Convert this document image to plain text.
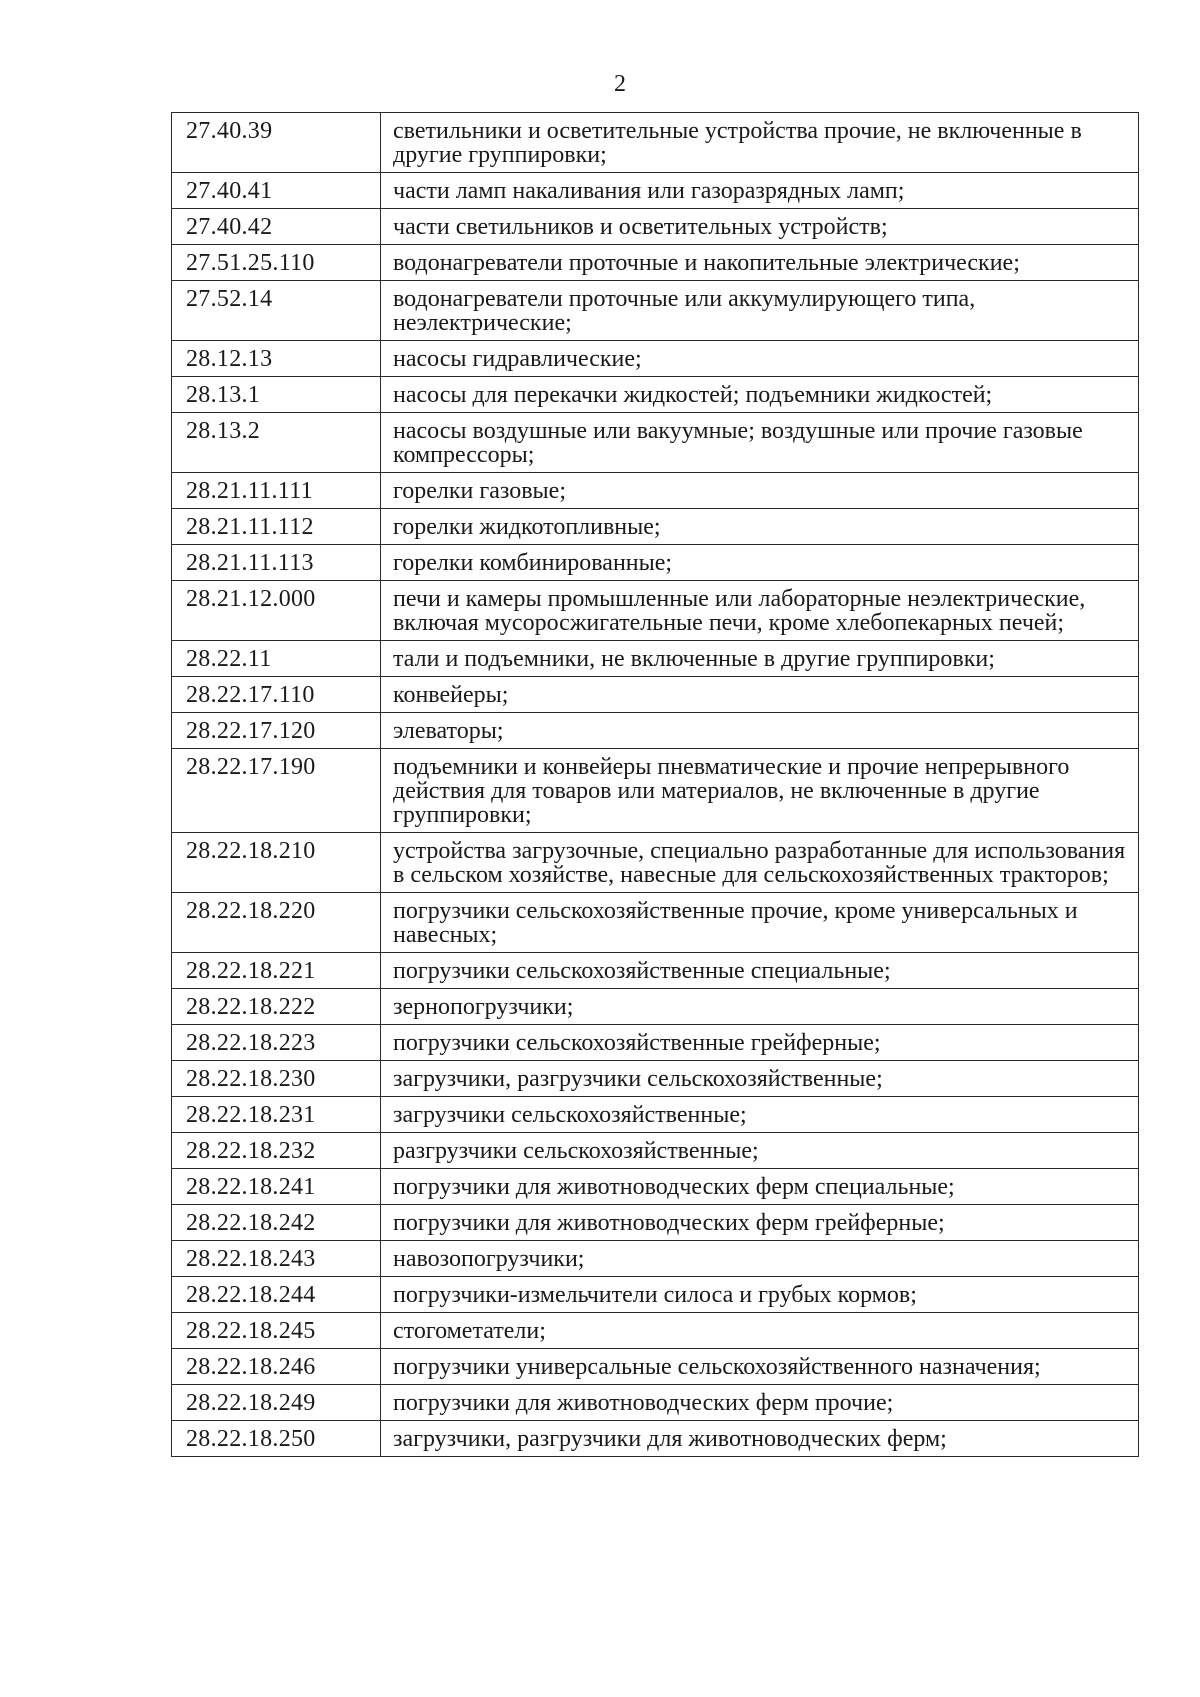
2
27.40.39	светильники и осветительные устройства прочие, не включенные в другие группировки;
27.40.41	части ламп накаливания или газоразрядных ламп;
27.40.42	части светильников и осветительных устройств;
27.51.25.110	водонагреватели проточные и накопительные электрические;
27.52.14	водонагреватели проточные или аккумулирующего типа, неэлектрические;
28.12.13	насосы гидравлические;
28.13.1	насосы для перекачки жидкостей; подъемники жидкостей;
28.13.2	насосы воздушные или вакуумные; воздушные или прочие газовые компрессоры;
28.21.11.111	горелки газовые;
28.21.11.112	горелки жидкотопливные;
28.21.11.113	горелки комбинированные;
28.21.12.000	печи и камеры промышленные или лабораторные неэлектрические, включая мусоросжигательные печи, кроме хлебопекарных печей;
28.22.11	тали и подъемники, не включенные в другие группировки;
28.22.17.110	конвейеры;
28.22.17.120	элеваторы;
28.22.17.190	подъемники и конвейеры пневматические и прочие непрерывного действия для товаров или материалов, не включенные в другие группировки;
28.22.18.210	устройства загрузочные, специально разработанные для использования в сельском хозяйстве, навесные для сельскохозяйственных тракторов;
28.22.18.220	погрузчики сельскохозяйственные прочие, кроме универсальных и навесных;
28.22.18.221	погрузчики сельскохозяйственные специальные;
28.22.18.222	зернопогрузчики;
28.22.18.223	погрузчики сельскохозяйственные грейферные;
28.22.18.230	загрузчики, разгрузчики сельскохозяйственные;
28.22.18.231	загрузчики сельскохозяйственные;
28.22.18.232	разгрузчики сельскохозяйственные;
28.22.18.241	погрузчики для животноводческих ферм специальные;
28.22.18.242	погрузчики для животноводческих ферм грейферные;
28.22.18.243	навозопогрузчики;
28.22.18.244	погрузчики-измельчители силоса и грубых кормов;
28.22.18.245	стогометатели;
28.22.18.246	погрузчики универсальные сельскохозяйственного назначения;
28.22.18.249	погрузчики для животноводческих ферм прочие;
28.22.18.250	загрузчики, разгрузчики для животноводческих ферм;
